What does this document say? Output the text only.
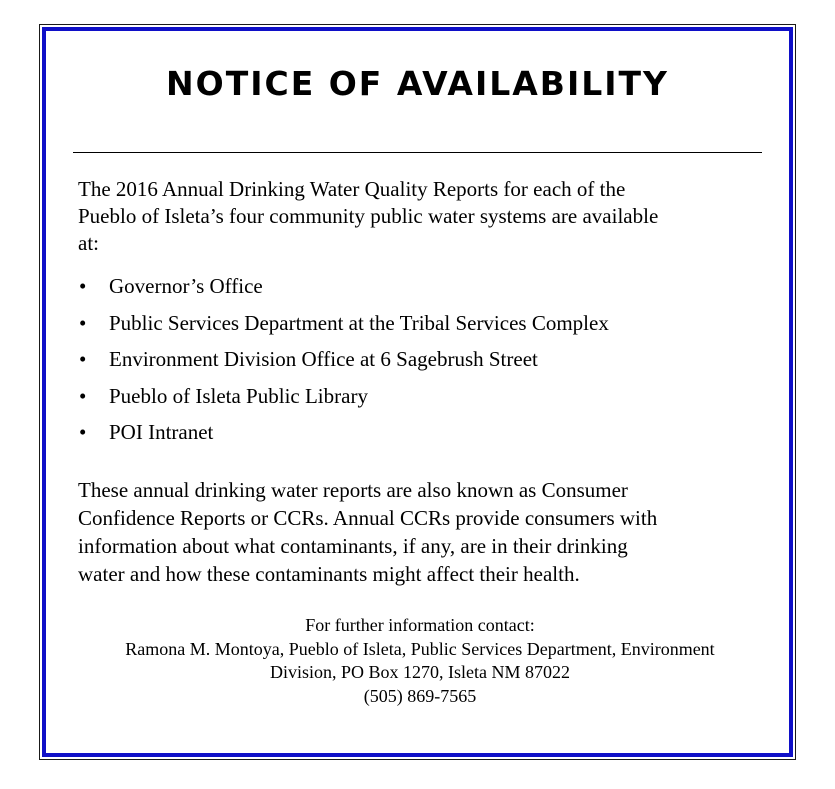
NOTICE OF AVAILABILITY

The 2016 Annual Drinking Water Quality Reports for each of the
Pueblo of Isleta’s four community public water systems are available
at:

• Governor’s Office
• Public Services Department at the Tribal Services Complex
• Environment Division Office at 6 Sagebrush Street
• Pueblo of Isleta Public Library
• POI Intranet

These annual drinking water reports are also known as Consumer
Confidence Reports or CCRs. Annual CCRs provide consumers with
information about what contaminants, if any, are in their drinking
water and how these contaminants might affect their health.

For further information contact:
Ramona M. Montoya, Pueblo of Isleta, Public Services Department, Environment
Division, PO Box 1270, Isleta NM 87022
(505) 869-7565
